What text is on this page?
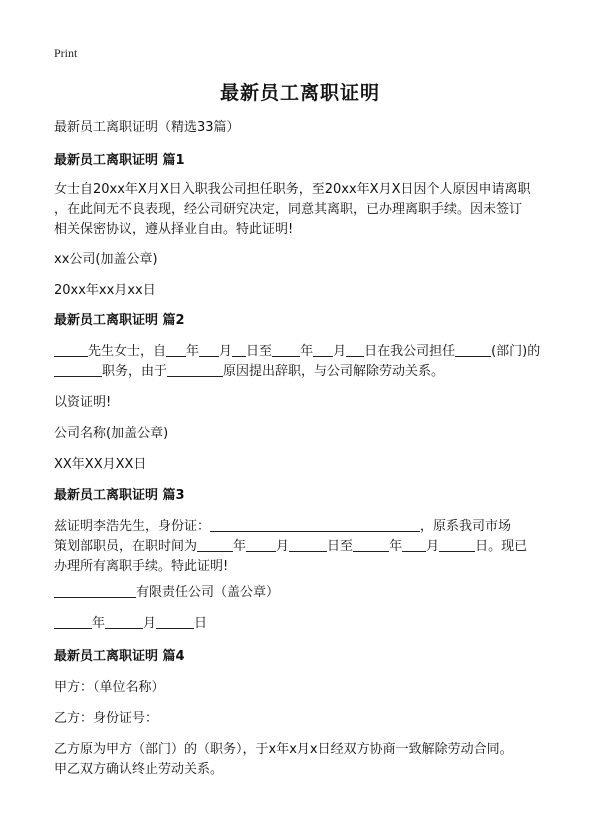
Print
最新员工离职证明
最新员工离职证明（精选33篇）
最新员工离职证明 篇1
女士自20xx年X月X日入职我公司担任职务，至20xx年X月X日因个人原因申请离职
，在此间无不良表现，经公司研究决定，同意其离职，已办理离职手续。因未签订
相关保密协议，遵从择业自由。特此证明!
xx公司(加盖公章)
20xx年xx月xx日
最新员工离职证明 篇2
先生女士，自 年 月 日至 年 月 日在我公司担任	(部门)的
职务，由于	原因提出辞职，与公司解除劳动关系。
以资证明!
公司名称(加盖公章)
XX年XX月XX日
最新员工离职证明 篇3
兹证明李浩先生，身份证：	，原系我司市场
策划部职员，在职时间为	年 月	日至	年 月	日。现已
办理所有离职手续。特此证明!
有限责任公司（盖公章）
年	月	日
最新员工离职证明 篇4
甲方：（单位名称）
乙方：身份证号：
乙方原为甲方（部门）的（职务），于x年x月x日经双方协商一致解除劳动合同。
甲乙双方确认终止劳动关系。
